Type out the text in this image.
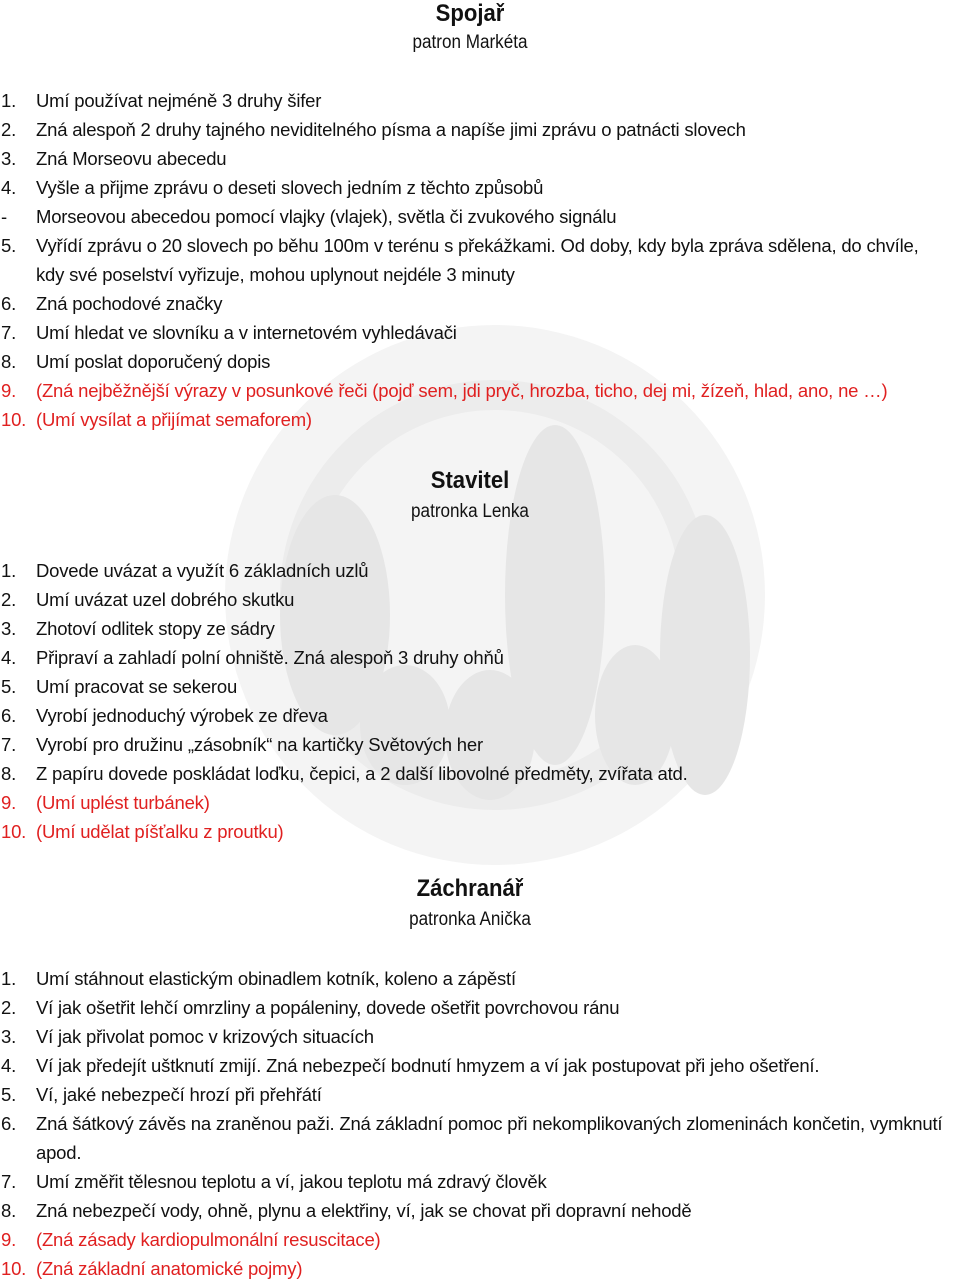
Spojař
patron Markéta
1. Umí používat nejméně 3 druhy šifer
2. Zná alespoň 2 druhy tajného neviditelného písma a napíše jimi zprávu o patnácti slovech
3. Zná Morseovu abecedu
4. Vyšle a přijme zprávu o deseti slovech jedním z těchto způsobů
- Morseovou abecedou pomocí vlajky (vlajek), světla či zvukového signálu
5. Vyřídí zprávu o 20 slovech po běhu 100m v terénu s překážkami. Od doby, kdy byla zpráva sdělena, do chvíle, kdy své poselství vyřizuje, mohou uplynout nejdéle 3 minuty
6. Zná pochodové značky
7. Umí hledat ve slovníku a v internetovém vyhledávači
8. Umí poslat doporučený dopis
9. (Zná nejběžnější výrazy v posunkové řeči (pojď sem, jdi pryč, hrozba, ticho, dej mi, žízeň, hlad, ano, ne …)
10. (Umí vysílat a přijímat semaforem)
Stavitel
patronka Lenka
1. Dovede uvázat a využít 6 základních uzlů
2. Umí uvázat uzel dobrého skutku
3. Zhotoví odlitek stopy ze sádry
4. Připraví a zahladí polní ohniště. Zná alespoň 3 druhy ohňů
5. Umí pracovat se sekerou
6. Vyrobí jednoduchý výrobek ze dřeva
7. Vyrobí pro družinu „zásobník“ na kartičky Světových her
8. Z papíru dovede poskládat loďku, čepici, a 2 další libovolné předměty, zvířata atd.
9. (Umí uplést turbánek)
10. (Umí udělat píšťalku z proutku)
Záchranář
patronka Anička
1. Umí stáhnout elastickým obinadlem kotník, koleno a zápěstí
2. Ví jak ošetřit lehčí omrzliny a popáleniny, dovede ošetřit povrchovou ránu
3. Ví jak přivolat pomoc v krizových situacích
4. Ví jak předejít uštknutí zmijí. Zná nebezpečí bodnutí hmyzem a ví jak postupovat při jeho ošetření.
5. Ví, jaké nebezpečí hrozí při přehřátí
6. Zná šátkový závěs na zraněnou paži. Zná základní pomoc při nekomplikovaných zlomeninách končetin, vymknutí apod.
7. Umí změřit tělesnou teplotu a ví, jakou teplotu má zdravý člověk
8. Zná nebezpečí vody, ohně, plynu a elektřiny, ví, jak se chovat při dopravní nehodě
9. (Zná zásady kardiopulmonální resuscitace)
10. (Zná základní anatomické pojmy)
